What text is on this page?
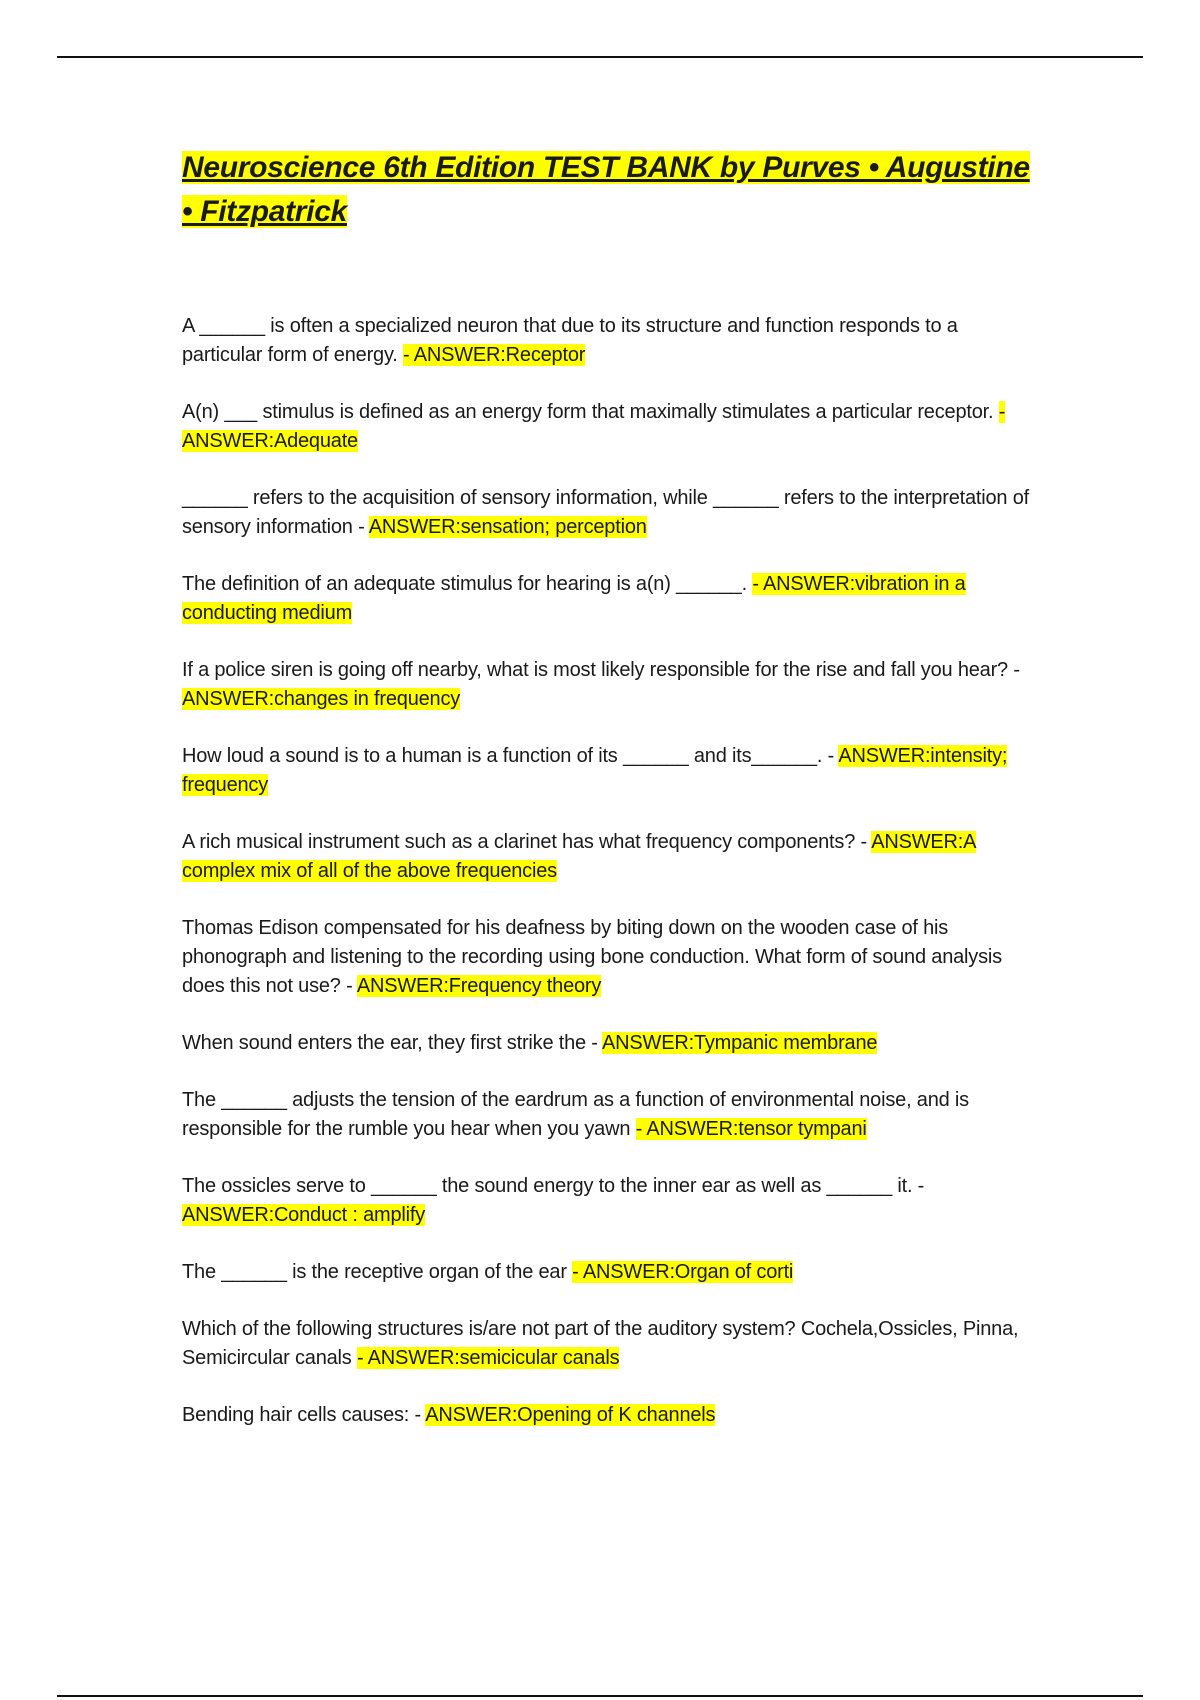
Neuroscience 6th Edition TEST BANK by Purves • Augustine • Fitzpatrick

A ______ is often a specialized neuron that due to its structure and function responds to a particular form of energy. - ANSWER:Receptor

A(n) ___ stimulus is defined as an energy form that maximally stimulates a particular receptor. - ANSWER:Adequate

______ refers to the acquisition of sensory information, while ______ refers to the interpretation of sensory information - ANSWER:sensation; perception

The definition of an adequate stimulus for hearing is a(n) ______. - ANSWER:vibration in a conducting medium

If a police siren is going off nearby, what is most likely responsible for the rise and fall you hear? - ANSWER:changes in frequency

How loud a sound is to a human is a function of its ______ and its______. - ANSWER:intensity; frequency

A rich musical instrument such as a clarinet has what frequency components? - ANSWER:A complex mix of all of the above frequencies

Thomas Edison compensated for his deafness by biting down on the wooden case of his phonograph and listening to the recording using bone conduction. What form of sound analysis does this not use? - ANSWER:Frequency theory

When sound enters the ear, they first strike the - ANSWER:Tympanic membrane

The ______ adjusts the tension of the eardrum as a function of environmental noise, and is responsible for the rumble you hear when you yawn - ANSWER:tensor tympani

The ossicles serve to ______ the sound energy to the inner ear as well as ______ it. - ANSWER:Conduct : amplify

The ______ is the receptive organ of the ear - ANSWER:Organ of corti

Which of the following structures is/are not part of the auditory system? Cochela,Ossicles, Pinna, Semicircular canals - ANSWER:semicicular canals

Bending hair cells causes: - ANSWER:Opening of K channels
